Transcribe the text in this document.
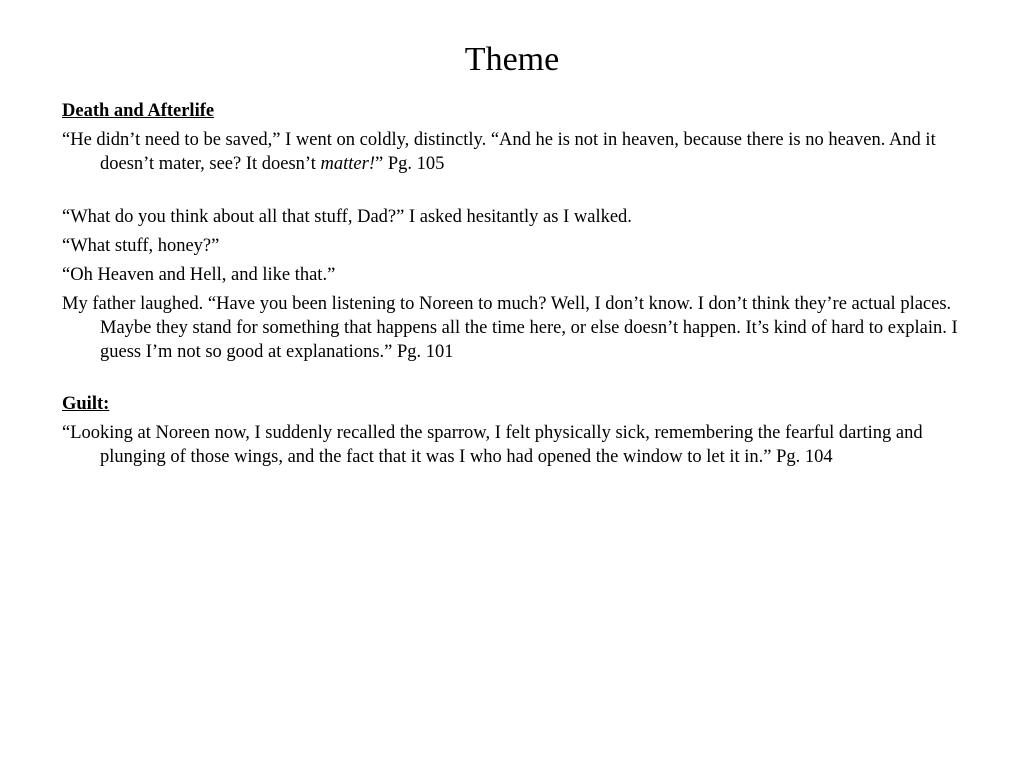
Theme
Death and Afterlife
“He didn’t need to be saved,” I went on coldly, distinctly. “And he is not in heaven, because there is no heaven. And it doesn’t mater, see? It doesn’t matter!” Pg. 105
“What do you think about all that stuff, Dad?” I asked hesitantly as I walked.
“What stuff, honey?”
“Oh Heaven and Hell, and like that.”
My father laughed. “Have you been listening to Noreen to much? Well, I don’t know. I don’t think they’re actual places. Maybe they stand for something that happens all the time here, or else doesn’t happen. It’s kind of hard to explain. I guess I’m not so good at explanations.” Pg. 101
Guilt:
“Looking at Noreen now, I suddenly recalled the sparrow, I felt physically sick, remembering the fearful darting and plunging of those wings, and the fact that it was I who had opened the window to let it in.” Pg. 104
